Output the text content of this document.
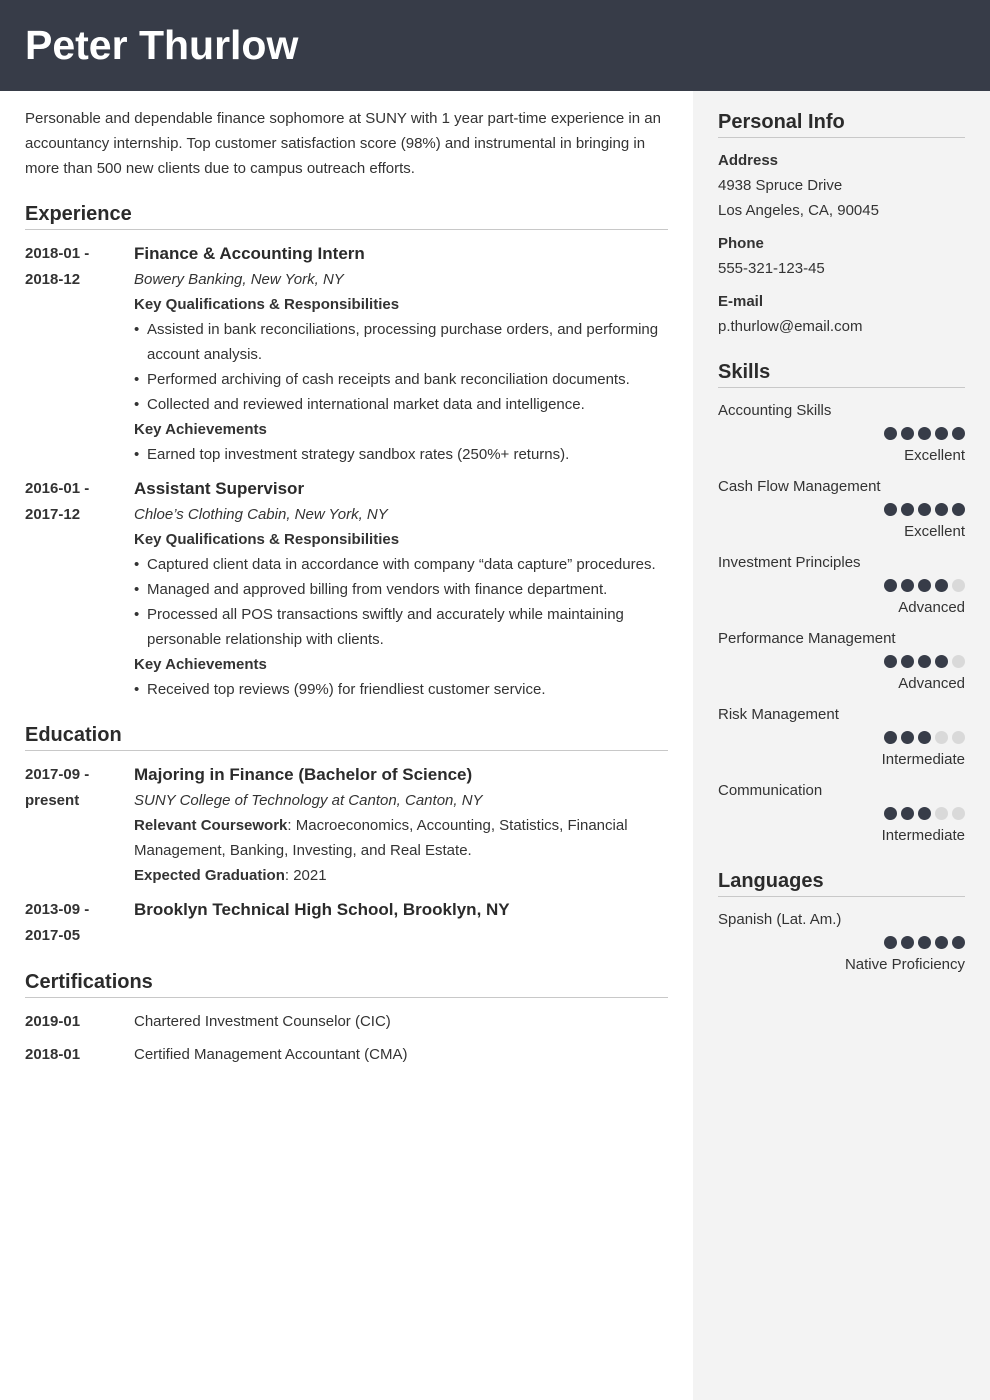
Peter Thurlow

Personable and dependable finance sophomore at SUNY with 1 year part-time experience in an accountancy internship. Top customer satisfaction score (98%) and instrumental in bringing in more than 500 new clients due to campus outreach efforts.

Experience
2018-01 -
2018-12
Finance & Accounting Intern
Bowery Banking, New York, NY
Key Qualifications & Responsibilities
• Assisted in bank reconciliations, processing purchase orders, and performing account analysis.
• Performed archiving of cash receipts and bank reconciliation documents.
• Collected and reviewed international market data and intelligence.
Key Achievements
• Earned top investment strategy sandbox rates (250%+ returns).
2016-01 -
2017-12
Assistant Supervisor
Chloe’s Clothing Cabin, New York, NY
Key Qualifications & Responsibilities
• Captured client data in accordance with company “data capture” procedures.
• Managed and approved billing from vendors with finance department.
• Processed all POS transactions swiftly and accurately while maintaining personable relationship with clients.
Key Achievements
• Received top reviews (99%) for friendliest customer service.
Education
2017-09 -
present
Majoring in Finance (Bachelor of Science)
SUNY College of Technology at Canton, Canton, NY
Relevant Coursework: Macroeconomics, Accounting, Statistics, Financial Management, Banking, Investing, and Real Estate.
Expected Graduation: 2021
2013-09 -
2017-05
Brooklyn Technical High School, Brooklyn, NY
Certifications
2019-01	Chartered Investment Counselor (CIC)
2018-01	Certified Management Accountant (CMA)
Personal Info
Address
4938 Spruce Drive
Los Angeles, CA, 90045
Phone
555-321-123-45
E-mail
p.thurlow@email.com
Skills
Accounting Skills
Excellent
Cash Flow Management
Excellent
Investment Principles
Advanced
Performance Management
Advanced
Risk Management
Intermediate
Communication
Intermediate
Languages
Spanish (Lat. Am.)
Native Proficiency
